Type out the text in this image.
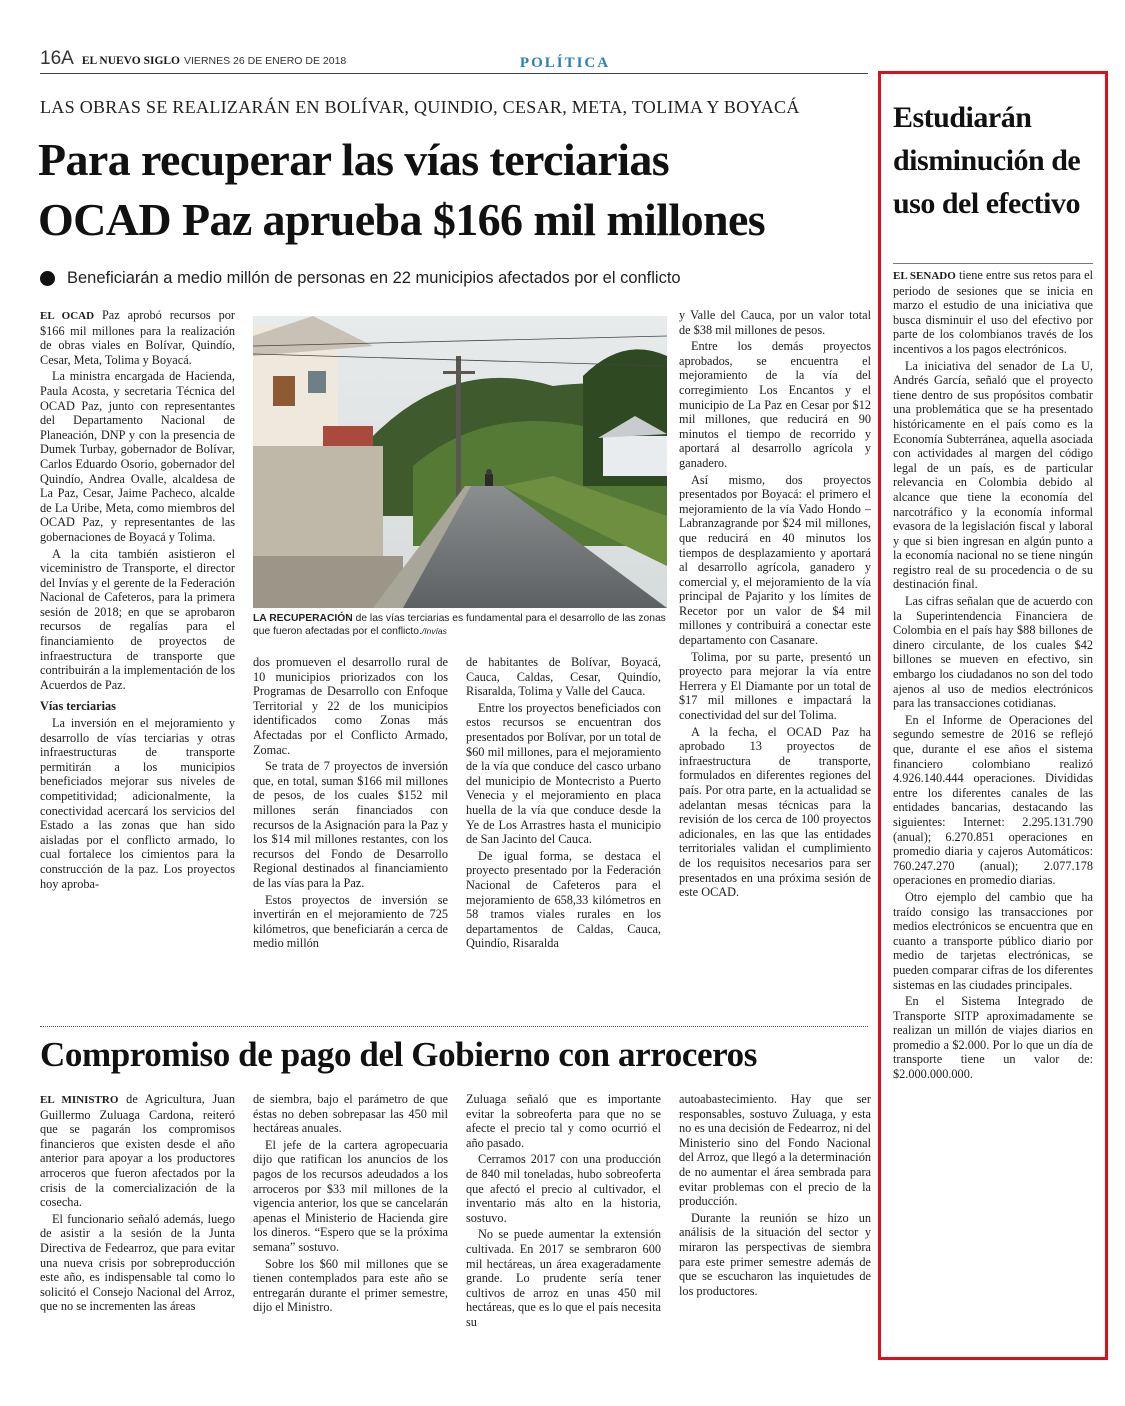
16A EL NUEVO SIGLO VIERNES 26 DE ENERO DE 2018	POLÍTICA
LAS OBRAS SE REALIZARÁN EN BOLÍVAR, QUINDIO, CESAR, META, TOLIMA Y BOYACÁ
Para recuperar las vías terciarias
OCAD Paz aprueba $166 mil millones
Beneficiarán a medio millón de personas en 22 municipios afectados por el conflicto

EL OCAD Paz aprobó recursos por $166 mil millones para la realización de obras viales en Bolívar, Quindío, Cesar, Meta, Tolima y Boyacá.

La ministra encargada de Hacienda, Paula Acosta, y secretaria Técnica del OCAD Paz, junto con representantes del Departamento Nacional de Planeación, DNP y con la presencia de Dumek Turbay, gobernador de Bolívar, Carlos Eduardo Osorio, gobernador del Quindío, Andrea Ovalle, alcaldesa de La Paz, Cesar, Jaime Pacheco, alcalde de La Uribe, Meta, como miembros del OCAD Paz, y representantes de las gobernaciones de Boyacá y Tolima.

A la cita también asistieron el viceministro de Transporte, el director del Invías y el gerente de la Federación Nacional de Cafeteros, para la primera sesión de 2018; en que se aprobaron recursos de regalías para el financiamiento de proyectos de infraestructura de transporte que contribuirán a la implementación de los Acuerdos de Paz.

Vías terciarias

La inversión en el mejoramiento y desarrollo de vías terciarias y otras infraestructuras de transporte permitirán a los municipios beneficiados mejorar sus niveles de competitividad; adicionalmente, la conectividad acercará los servicios del Estado a las zonas que han sido aisladas por el conflicto armado, lo cual fortalece los cimientos para la construcción de la paz. Los proyectos hoy aproba-

LA RECUPERACIÓN de las vías terciarias es fundamental para el desarrollo de las zonas que fueron afectadas por el conflicto./Invías

dos promueven el desarrollo rural de 10 municipios priorizados con los Programas de Desarrollo con Enfoque Territorial y 22 de los municipios identificados como Zonas más Afectadas por el Conflicto Armado, Zomac.

Se trata de 7 proyectos de inversión que, en total, suman $166 mil millones de pesos, de los cuales $152 mil millones serán financiados con recursos de la Asignación para la Paz y los $14 mil millones restantes, con los recursos del Fondo de Desarrollo Regional destinados al financiamiento de las vías para la Paz.

Estos proyectos de inversión se invertirán en el mejoramiento de 725 kilómetros, que beneficiarán a cerca de medio millón

de habitantes de Bolívar, Boyacá, Cauca, Caldas, Cesar, Quindío, Risaralda, Tolima y Valle del Cauca.

Entre los proyectos beneficiados con estos recursos se encuentran dos presentados por Bolívar, por un total de $60 mil millones, para el mejoramiento de la vía que conduce del casco urbano del municipio de Montecristo a Puerto Venecia y el mejoramiento en placa huella de la vía que conduce desde la Ye de Los Arrastres hasta el municipio de San Jacinto del Cauca.

De igual forma, se destaca el proyecto presentado por la Federación Nacional de Cafeteros para el mejoramiento de 658,33 kilómetros en 58 tramos viales rurales en los departamentos de Caldas, Cauca, Quindío, Risaralda

y Valle del Cauca, por un valor total de $38 mil millones de pesos.

Entre los demás proyectos aprobados, se encuentra el mejoramiento de la vía del corregimiento Los Encantos y el municipio de La Paz en Cesar por $12 mil millones, que reducirá en 90 minutos el tiempo de recorrido y aportará al desarrollo agrícola y ganadero.

Así mismo, dos proyectos presentados por Boyacá: el primero el mejoramiento de la vía Vado Hondo – Labranzagrande por $24 mil millones, que reducirá en 40 minutos los tiempos de desplazamiento y aportará al desarrollo agrícola, ganadero y comercial y, el mejoramiento de la vía principal de Pajarito y los límites de Recetor por un valor de $4 mil millones y contribuirá a conectar este departamento con Casanare.

Tolima, por su parte, presentó un proyecto para mejorar la vía entre Herrera y El Diamante por un total de $17 mil millones e impactará la conectividad del sur del Tolima.

A la fecha, el OCAD Paz ha aprobado 13 proyectos de infraestructura de transporte, formulados en diferentes regiones del país. Por otra parte, en la actualidad se adelantan mesas técnicas para la revisión de los cerca de 100 proyectos adicionales, en las que las entidades territoriales validan el cumplimiento de los requisitos necesarios para ser presentados en una próxima sesión de este OCAD.

Compromiso de pago del Gobierno con arroceros

EL MINISTRO de Agricultura, Juan Guillermo Zuluaga Cardona, reiteró que se pagarán los compromisos financieros que existen desde el año anterior para apoyar a los productores arroceros que fueron afectados por la crisis de la comercialización de la cosecha.

El funcionario señaló además, luego de asistir a la sesión de la Junta Directiva de Fedearroz, que para evitar una nueva crisis por sobreproducción este año, es indispensable tal como lo solicitó el Consejo Nacional del Arroz, que no se incrementen las áreas

de siembra, bajo el parámetro de que éstas no deben sobrepasar las 450 mil hectáreas anuales.

El jefe de la cartera agropecuaria dijo que ratifican los anuncios de los pagos de los recursos adeudados a los arroceros por $33 mil millones de la vigencia anterior, los que se cancelarán apenas el Ministerio de Hacienda gire los dineros. “Espero que se la próxima semana” sostuvo.

Sobre los $60 mil millones que se tienen contemplados para este año se entregarán durante el primer semestre, dijo el Ministro.

Zuluaga señaló que es importante evitar la sobreoferta para que no se afecte el precio tal y como ocurrió el año pasado.

Cerramos 2017 con una producción de 840 mil toneladas, hubo sobreoferta que afectó el precio al cultivador, el inventario más alto en la historia, sostuvo.

No se puede aumentar la extensión cultivada. En 2017 se sembraron 600 mil hectáreas, un área exageradamente grande. Lo prudente sería tener cultivos de arroz en unas 450 mil hectáreas, que es lo que el país necesita su

autoabastecimiento. Hay que ser responsables, sostuvo Zuluaga, y esta no es una decisión de Fedearroz, ni del Ministerio sino del Fondo Nacional del Arroz, que llegó a la determinación de no aumentar el área sembrada para evitar problemas con el precio de la producción.

Durante la reunión se hizo un análisis de la situación del sector y miraron las perspectivas de siembra para este primer semestre además de que se escucharon las inquietudes de los productores.

Estudiarán disminución de uso del efectivo

EL SENADO tiene entre sus retos para el periodo de sesiones que se inicia en marzo el estudio de una iniciativa que busca disminuir el uso del efectivo por parte de los colombianos través de los incentivos a los pagos electrónicos.

La iniciativa del senador de La U, Andrés García, señaló que el proyecto tiene dentro de sus propósitos combatir una problemática que se ha presentado históricamente en el país como es la Economía Subterránea, aquella asociada con actividades al margen del código legal de un país, es de particular relevancia en Colombia debido al alcance que tiene la economía del narcotráfico y la economía informal evasora de la legislación fiscal y laboral y que si bien ingresan en algún punto a la economía nacional no se tiene ningún registro real de su procedencia o de su destinación final.

Las cifras señalan que de acuerdo con la Superintendencia Financiera de Colombia en el país hay $88 billones de dinero circulante, de los cuales $42 billones se mueven en efectivo, sin embargo los ciudadanos no son del todo ajenos al uso de medios electrónicos para las transacciones cotidianas.

En el Informe de Operaciones del segundo semestre de 2016 se reflejó que, durante el ese años el sistema financiero colombiano realizó 4.926.140.444 operaciones. Divididas entre los diferentes canales de las entidades bancarias, destacando las siguientes: Internet: 2.295.131.790 (anual); 6.270.851 operaciones en promedio diaria y cajeros Automáticos: 760.247.270 (anual); 2.077.178 operaciones en promedio diarias.

Otro ejemplo del cambio que ha traído consigo las transacciones por medios electrónicos se encuentra que en cuanto a transporte público diario por medio de tarjetas electrónicas, se pueden comparar cifras de los diferentes sistemas en las ciudades principales.

En el Sistema Integrado de Transporte SITP aproximadamente se realizan un millón de viajes diarios en promedio a $2.000. Por lo que un día de transporte tiene un valor de: $2.000.000.000.
